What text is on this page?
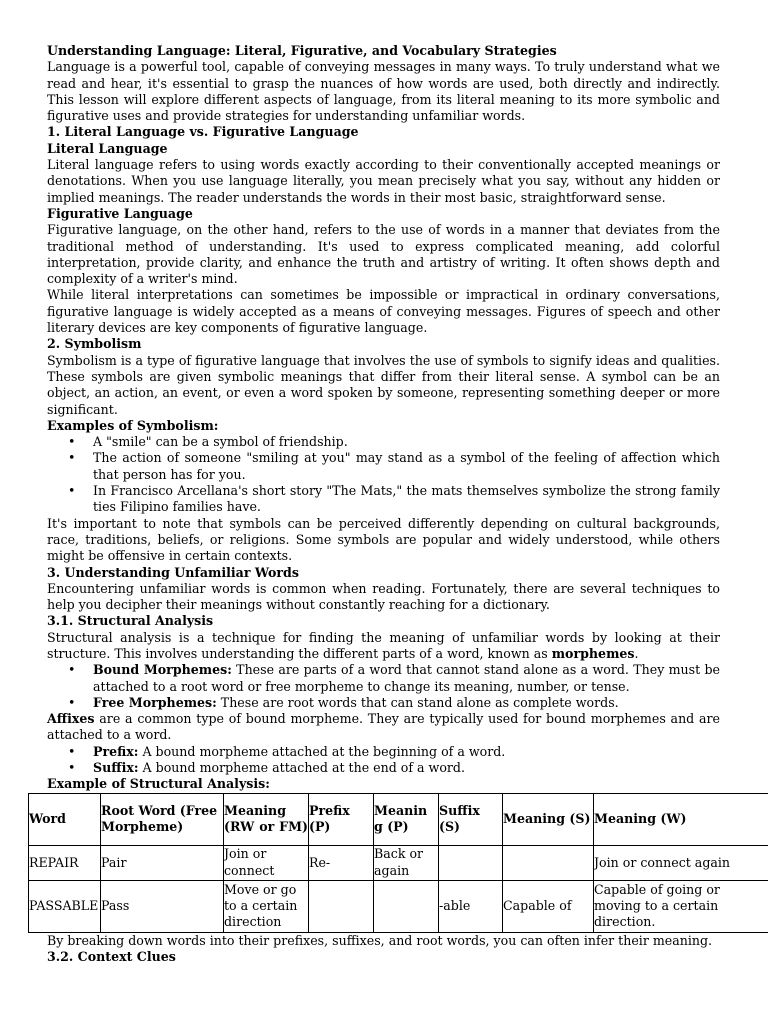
Understanding Language: Literal, Figurative, and Vocabulary Strategies

Language is a powerful tool, capable of conveying messages in many ways. To truly understand what we read and hear, it's essential to grasp the nuances of how words are used, both directly and indirectly. This lesson will explore different aspects of language, from its literal meaning to its more symbolic and figurative uses and provide strategies for understanding unfamiliar words.

1. Literal Language vs. Figurative Language

Literal Language

Literal language refers to using words exactly according to their conventionally accepted meanings or denotations. When you use language literally, you mean precisely what you say, without any hidden or implied meanings. The reader understands the words in their most basic, straightforward sense.

Figurative Language

Figurative language, on the other hand, refers to the use of words in a manner that deviates from the traditional method of understanding. It's used to express complicated meaning, add colorful interpretation, provide clarity, and enhance the truth and artistry of writing. It often shows depth and complexity of a writer's mind.

While literal interpretations can sometimes be impossible or impractical in ordinary conversations, figurative language is widely accepted as a means of conveying messages. Figures of speech and other literary devices are key components of figurative language.

2. Symbolism

Symbolism is a type of figurative language that involves the use of symbols to signify ideas and qualities. These symbols are given symbolic meanings that differ from their literal sense. A symbol can be an object, an action, an event, or even a word spoken by someone, representing something deeper or more significant.

Examples of Symbolism:

• A "smile" can be a symbol of friendship.
• The action of someone "smiling at you" may stand as a symbol of the feeling of affection which that person has for you.
• In Francisco Arcellana's short story "The Mats," the mats themselves symbolize the strong family ties Filipino families have.

It's important to note that symbols can be perceived differently depending on cultural backgrounds, race, traditions, beliefs, or religions. Some symbols are popular and widely understood, while others might be offensive in certain contexts.

3. Understanding Unfamiliar Words

Encountering unfamiliar words is common when reading. Fortunately, there are several techniques to help you decipher their meanings without constantly reaching for a dictionary.

3.1. Structural Analysis

Structural analysis is a technique for finding the meaning of unfamiliar words by looking at their structure. This involves understanding the different parts of a word, known as morphemes.

• Bound Morphemes: These are parts of a word that cannot stand alone as a word. They must be attached to a root word or free morpheme to change its meaning, number, or tense.
• Free Morphemes: These are root words that can stand alone as complete words.

Affixes are a common type of bound morpheme. They are typically used for bound morphemes and are attached to a word.

• Prefix: A bound morpheme attached at the beginning of a word.
• Suffix: A bound morpheme attached at the end of a word.

Example of Structural Analysis:

Word	Root Word (Free Morpheme)	Meaning (RW or FM)	Prefix (P)	Meanin g (P)	Suffix (S)	Meaning (S)	Meaning (W)
REPAIR	Pair	Join or connect	Re-	Back or again			Join or connect again
PASSABLE	Pass	Move or go to a certain direction			-able	Capable of	Capable of going or moving to a certain direction.

By breaking down words into their prefixes, suffixes, and root words, you can often infer their meaning.

3.2. Context Clues
